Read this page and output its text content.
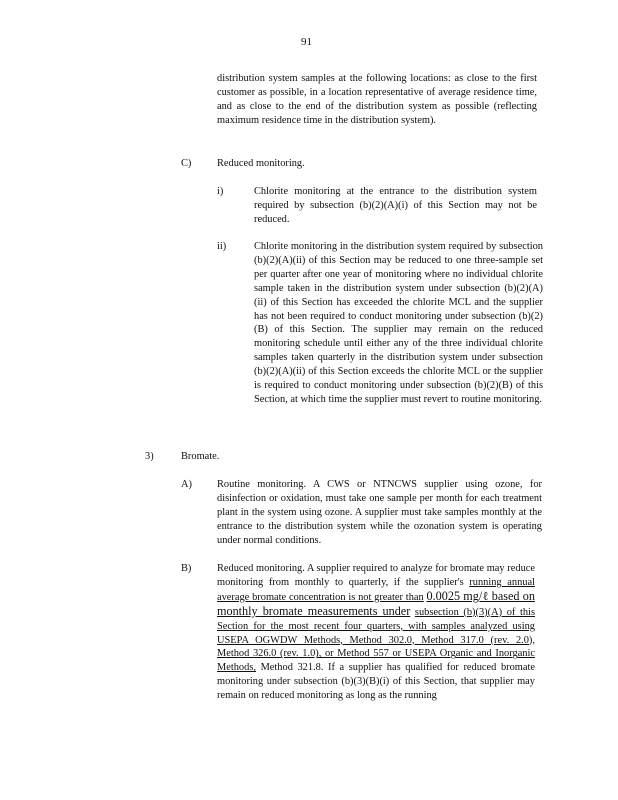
91
distribution system samples at the following locations: as close to the first customer as possible, in a location representative of average residence time, and as close to the end of the distribution system as possible (reflecting maximum residence time in the distribution system).
C) Reduced monitoring.
i)	Chlorite monitoring at the entrance to the distribution system required by subsection (b)(2)(A)(i) of this Section may not be reduced.
ii)	Chlorite monitoring in the distribution system required by subsection (b)(2)(A)(ii) of this Section may be reduced to one three-sample set per quarter after one year of monitoring where no individual chlorite sample taken in the distribution system under subsection (b)(2)(A)(ii) of this Section has exceeded the chlorite MCL and the supplier has not been required to conduct monitoring under subsection (b)(2)(B) of this Section. The supplier may remain on the reduced monitoring schedule until either any of the three individual chlorite samples taken quarterly in the distribution system under subsection (b)(2)(A)(ii) of this Section exceeds the chlorite MCL or the supplier is required to conduct monitoring under subsection (b)(2)(B) of this Section, at which time the supplier must revert to routine monitoring.
3)	Bromate.
A) Routine monitoring. A CWS or NTNCWS supplier using ozone, for disinfection or oxidation, must take one sample per month for each treatment plant in the system using ozone. A supplier must take samples monthly at the entrance to the distribution system while the ozonation system is operating under normal conditions.
B) Reduced monitoring. A supplier required to analyze for bromate may reduce monitoring from monthly to quarterly, if the supplier's running annual average bromate concentration is not greater than 0.0025 mg/ℓ based on monthly bromate measurements under subsection (b)(3)(A) of this Section for the most recent four quarters, with samples analyzed using USEPA OGWDW Methods, Method 302.0, Method 317.0 (rev. 2.0), Method 326.0 (rev. 1.0), or Method 557 or USEPA Organic and Inorganic Methods, Method 321.8. If a supplier has qualified for reduced bromate monitoring under subsection (b)(3)(B)(i) of this Section, that supplier may remain on reduced monitoring as long as the running
